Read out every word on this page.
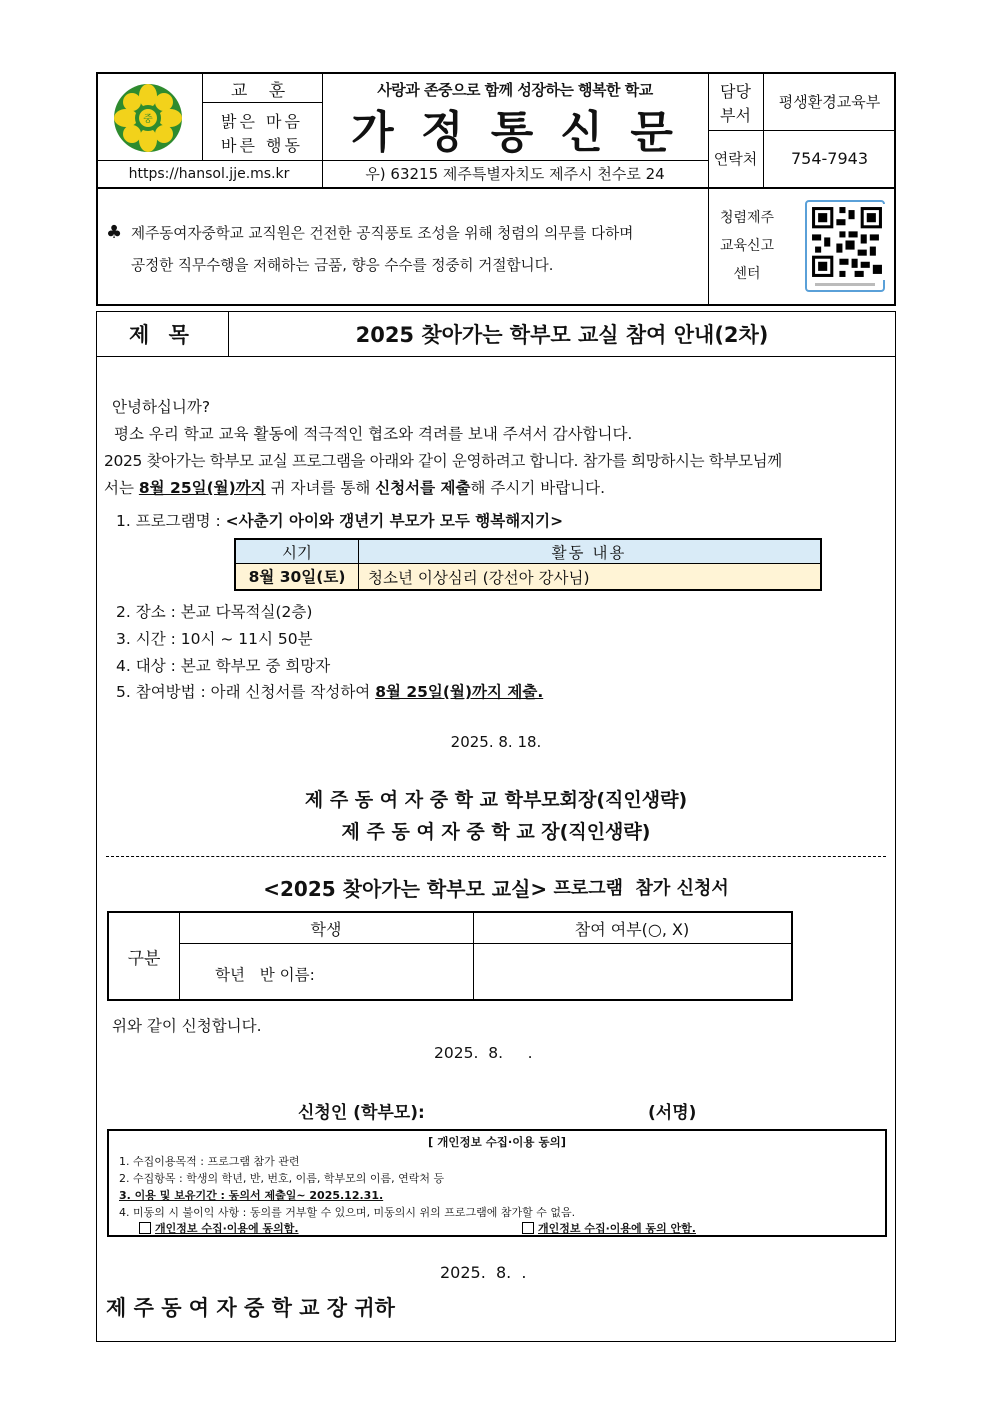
중
교 훈
밝은 마음
바른 행동
https://hansol.jje.ms.kr
사랑과 존중으로 함께 성장하는 행복한 학교
가 정 통 신 문
우) 63215 제주특별자치도 제주시 천수로 24
담당
부서
평생환경교육부
연락처	754-7943
♣ 제주동여자중학교 교직원은 건전한 공직풍토 조성을 위해 청렴의 의무를 다하며
공정한 직무수행을 저해하는 금품, 향응 수수를 정중히 거절합니다.
청렴제주
교육신고
센터
제 목	2025 찾아가는 학부모 교실 참여 안내(2차)
안녕하십니까?
평소 우리 학교 교육 활동에 적극적인 협조와 격려를 보내 주셔서 감사합니다.
2025 찾아가는 학부모 교실 프로그램을 아래와 같이 운영하려고 합니다. 참가를 희망하시는 학부모님께
서는 8월 25일(월)까지 귀 자녀를 통해 신청서를 제출해 주시기 바랍니다.
1. 프로그램명 : <사춘기 아이와 갱년기 부모가 모두 행복해지기>
시기	활동 내용
8월 30일(토)	청소년 이상심리 (강선아 강사님)
2. 장소 : 본교 다목적실(2층)
3. 시간 : 10시 ~ 11시 50분
4. 대상 : 본교 학부모 중 희망자
5. 참여방법 : 아래 신청서를 작성하여 8월 25일(월)까지 제출.
2025. 8. 18.
제 주 동 여 자 중 학 교 학부모회장(직인생략)
제 주 동 여 자 중 학 교 장(직인생략)
<2025 찾아가는 학부모 교실> 프로그램  참가 신청서
구분
학생	참여 여부(○, X)
학년   반 이름:
위와 같이 신청합니다.
2025.  8.     .
신청인 (학부모):	(서명)
[ 개인정보 수집·이용 동의]
1. 수집이용목적 : 프로그램 참가 관련
2. 수집항목 : 학생의 학년, 반, 번호, 이름, 학부모의 이름, 연락처 등
3. 이용 및 보유기간 : 동의서 제출일~ 2025.12.31.
4. 미동의 시 불이익 사항 : 동의를 거부할 수 있으며, 미동의시 위의 프로그램에 참가할 수 없음.
개인정보 수집·이용에 동의함.	개인정보 수집·이용에 동의 안함.
2025.  8.  .
제 주 동 여 자 중 학 교 장 귀하
